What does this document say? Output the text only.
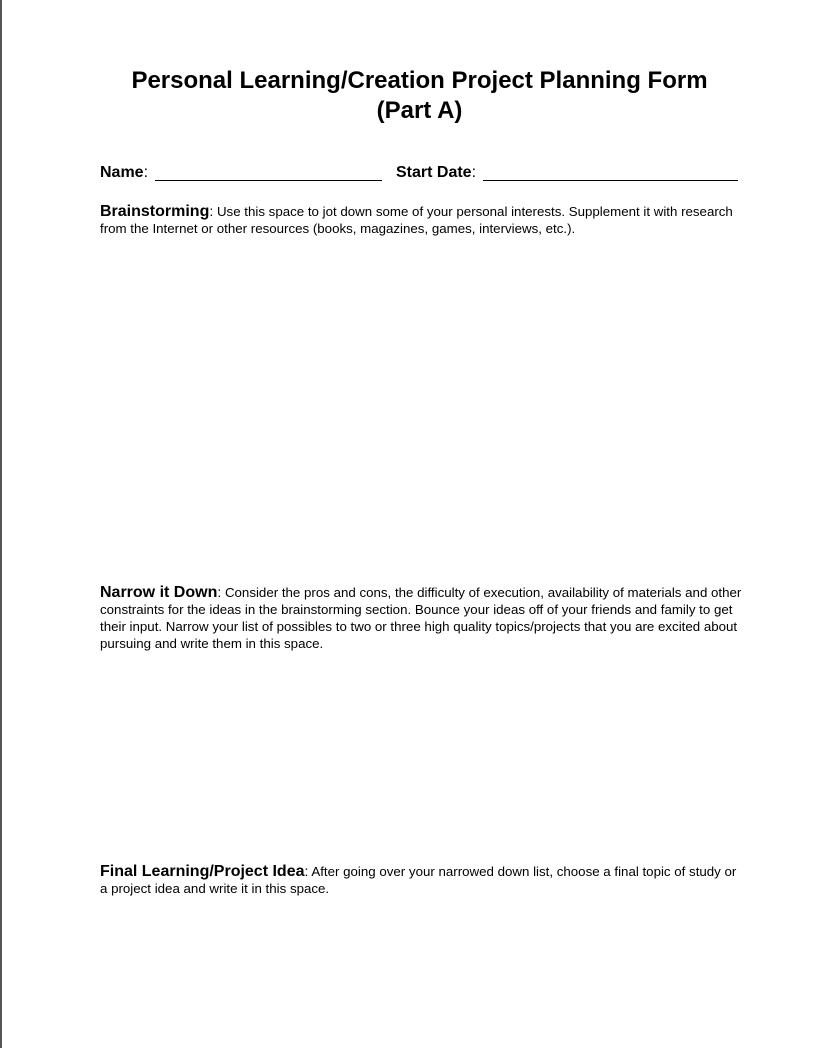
Personal Learning/Creation Project Planning Form
(Part A)
Name:	Start Date:

Brainstorming: Use this space to jot down some of your personal interests. Supplement it with research from the Internet or other resources (books, magazines, games, interviews, etc.).

Narrow it Down: Consider the pros and cons, the difficulty of execution, availability of materials and other constraints for the ideas in the brainstorming section. Bounce your ideas off of your friends and family to get their input. Narrow your list of possibles to two or three high quality topics/projects that you are excited about pursuing and write them in this space.

Final Learning/Project Idea: After going over your narrowed down list, choose a final topic of study or a project idea and write it in this space.
